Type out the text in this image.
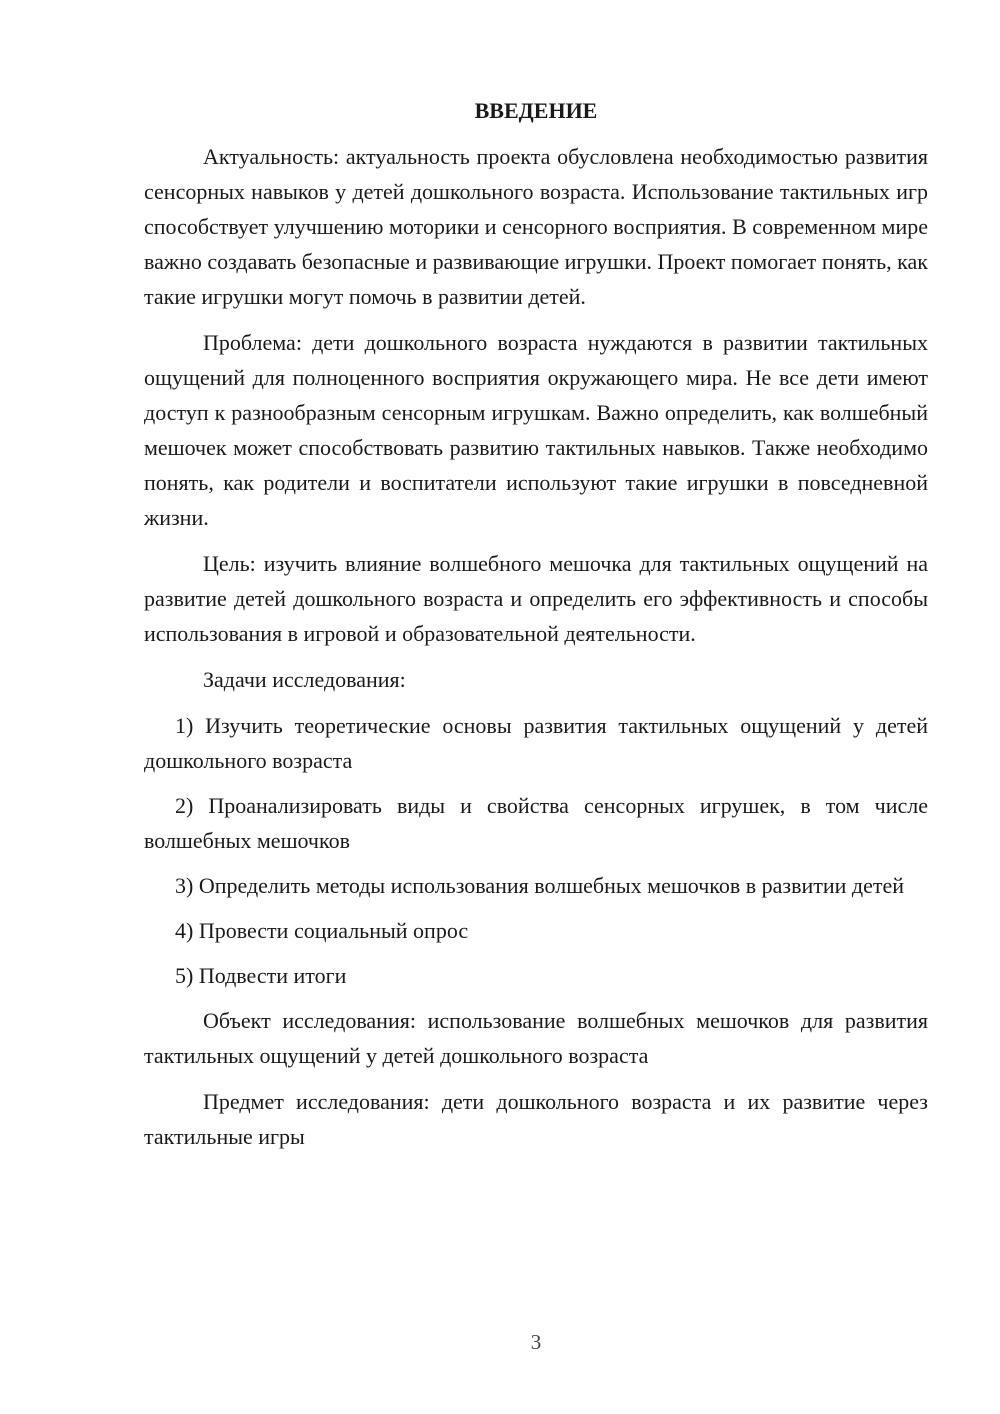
ВВЕДЕНИЕ

Актуальность: актуальность проекта обусловлена необходимостью развития сенсорных навыков у детей дошкольного возраста. Использование тактильных игр способствует улучшению моторики и сенсорного восприятия. В современном мире важно создавать безопасные и развивающие игрушки. Проект помогает понять, как такие игрушки могут помочь в развитии детей.

Проблема: дети дошкольного возраста нуждаются в развитии тактильных ощущений для полноценного восприятия окружающего мира. Не все дети имеют доступ к разнообразным сенсорным игрушкам. Важно определить, как волшебный мешочек может способствовать развитию тактильных навыков. Также необходимо понять, как родители и воспитатели используют такие игрушки в повседневной жизни.

Цель: изучить влияние волшебного мешочка для тактильных ощущений на развитие детей дошкольного возраста и определить его эффективность и способы использования в игровой и образовательной деятельности.

Задачи исследования:

1) Изучить теоретические основы развития тактильных ощущений у детей дошкольного возраста

2) Проанализировать виды и свойства сенсорных игрушек, в том числе волшебных мешочков

3) Определить методы использования волшебных мешочков в развитии детей

4) Провести социальный опрос

5) Подвести итоги

Объект исследования: использование волшебных мешочков для развития тактильных ощущений у детей дошкольного возраста

Предмет исследования: дети дошкольного возраста и их развитие через тактильные игры

3
